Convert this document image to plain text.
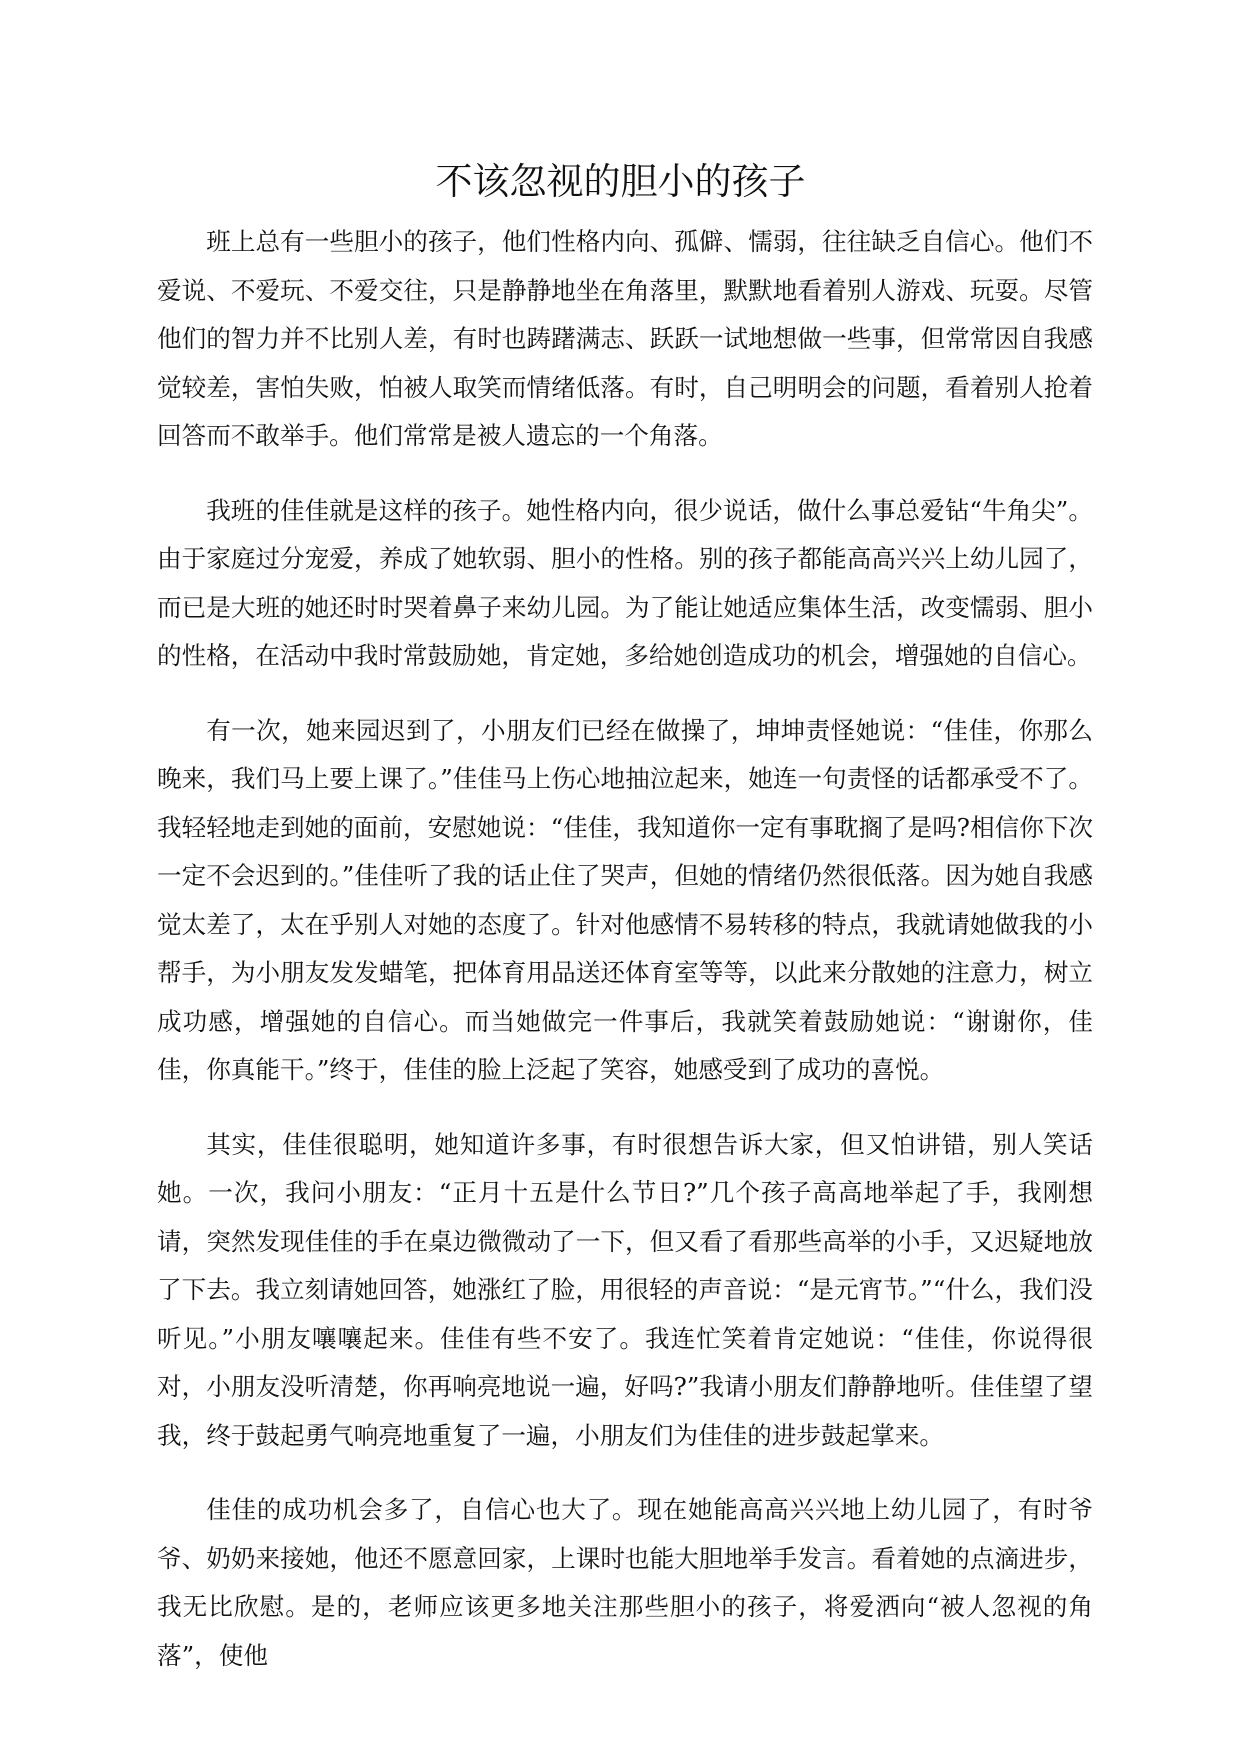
不该忽视的胆小的孩子

班上总有一些胆小的孩子，他们性格内向、孤僻、懦弱，往往缺乏自信心。他们不爱说、不爱玩、不爱交往，只是静静地坐在角落里，默默地看着别人游戏、玩耍。尽管他们的智力并不比别人差，有时也踌躇满志、跃跃一试地想做一些事，但常常因自我感觉较差，害怕失败，怕被人取笑而情绪低落。有时，自己明明会的问题，看着别人抢着回答而不敢举手。他们常常是被人遗忘的一个角落。

我班的佳佳就是这样的孩子。她性格内向，很少说话，做什么事总爱钻“牛角尖”。由于家庭过分宠爱，养成了她软弱、胆小的性格。别的孩子都能高高兴兴上幼儿园了，而已是大班的她还时时哭着鼻子来幼儿园。为了能让她适应集体生活，改变懦弱、胆小的性格，在活动中我时常鼓励她，肯定她，多给她创造成功的机会，增强她的自信心。

有一次，她来园迟到了，小朋友们已经在做操了，坤坤责怪她说：“佳佳，你那么晚来，我们马上要上课了。”佳佳马上伤心地抽泣起来，她连一句责怪的话都承受不了。我轻轻地走到她的面前，安慰她说：“佳佳，我知道你一定有事耽搁了是吗?相信你下次一定不会迟到的。”佳佳听了我的话止住了哭声，但她的情绪仍然很低落。因为她自我感觉太差了，太在乎别人对她的态度了。针对他感情不易转移的特点，我就请她做我的小帮手，为小朋友发发蜡笔，把体育用品送还体育室等等，以此来分散她的注意力，树立成功感，增强她的自信心。而当她做完一件事后，我就笑着鼓励她说：“谢谢你，佳佳，你真能干。”终于，佳佳的脸上泛起了笑容，她感受到了成功的喜悦。

其实，佳佳很聪明，她知道许多事，有时很想告诉大家，但又怕讲错，别人笑话她。一次，我问小朋友：“正月十五是什么节日?”几个孩子高高地举起了手，我刚想请，突然发现佳佳的手在桌边微微动了一下，但又看了看那些高举的小手，又迟疑地放了下去。我立刻请她回答，她涨红了脸，用很轻的声音说：“是元宵节。”“什么，我们没听见。”小朋友嚷嚷起来。佳佳有些不安了。我连忙笑着肯定她说：“佳佳，你说得很对，小朋友没听清楚，你再响亮地说一遍，好吗?”我请小朋友们静静地听。佳佳望了望我，终于鼓起勇气响亮地重复了一遍，小朋友们为佳佳的进步鼓起掌来。

佳佳的成功机会多了，自信心也大了。现在她能高高兴兴地上幼儿园了，有时爷爷、奶奶来接她，他还不愿意回家，上课时也能大胆地举手发言。看着她的点滴进步，我无比欣慰。是的，老师应该更多地关注那些胆小的孩子，将爱洒向“被人忽视的角落”，使他
